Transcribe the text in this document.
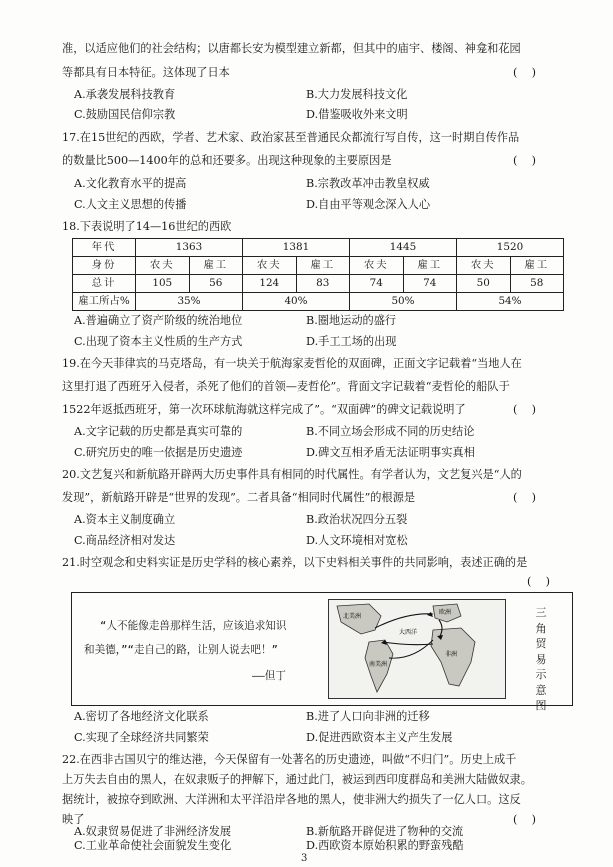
准，以适应他们的社会结构；以唐都长安为模型建立新都，但其中的庙宇、楼阁、神龛和花园
等都具有日本特征。这体现了日本	(    )
A.承袭发展科技教育	B.大力发展科技文化
C.鼓励国民信仰宗教	D.借鉴吸收外来文明
17.在15世纪的西欧，学者、艺术家、政治家甚至普通民众都流行写自传，这一时期自传作品
的数量比500—1400年的总和还要多。出现这种现象的主要原因是	(    )
A.文化教育水平的提高	B.宗教改革冲击教皇权威
C.人文主义思想的传播	D.自由平等观念深入人心
18.下表说明了14—16世纪的西欧
年代	1363		1381		1445		1520	
身份	农夫	雇工	农夫	雇工	农夫	雇工	农夫	雇工
总计	105	56	124	83	74	74	50	58
雇工所占%	35%		40%		50%		54%	
A.普遍确立了资产阶级的统治地位	B.圈地运动的盛行
C.出现了资本主义性质的生产方式	D.手工工场的出现
19.在今天菲律宾的马克塔岛，有一块关于航海家麦哲伦的双面碑，正面文字记载着“当地人在
这里打退了西班牙入侵者，杀死了他们的首领—麦哲伦”。背面文字记载着“麦哲伦的船队于
1522年返抵西班牙，第一次环球航海就这样完成了”。“双面碑”的碑文记载说明了	(    )
A.文字记载的历史都是真实可靠的	B.不同立场会形成不同的历史结论
C.研究历史的唯一依据是历史遗迹	D.碑文互相矛盾无法证明事实真相
20.文艺复兴和新航路开辟两大历史事件具有相同的时代属性。有学者认为，文艺复兴是“人的
发现”，新航路开辟是“世界的发现”。二者具备“相同时代属性”的根源是	(    )
A.资本主义制度确立	B.政治状况四分五裂
C.商品经济相对发达	D.人文环境相对宽松
21.时空观念和史料实证是历史学科的核心素养，以下史料相关事件的共同影响，表述正确的是
(    )
“人不能像走兽那样生活，应该追求知识
和美德，”“走自己的路，让别人说去吧！”
——但丁
欧洲
大西洋
北美洲
南美洲
非洲
三
角
贸
易
示
意
图
A.密切了各地经济文化联系	B.进了人口向非洲的迁移
C.实现了全球经济共同繁荣	D.促进西欧资本主义产生发展
22.在西非古国贝宁的维达港，今天保留有一处著名的历史遗迹，叫做“不归门”。历史上成千
上万失去自由的黑人，在奴隶贩子的押解下，通过此门，被运到西印度群岛和美洲大陆做奴隶。
据统计，被掠夺到欧洲、大洋洲和太平洋沿岸各地的黑人，使非洲大约损失了一亿人口。这反
映了	(    )
A.奴隶贸易促进了非洲经济发展	B.新航路开辟促进了物种的交流
C.工业革命使社会面貌发生变化	D.西欧资本原始积累的野蛮残酷
3
